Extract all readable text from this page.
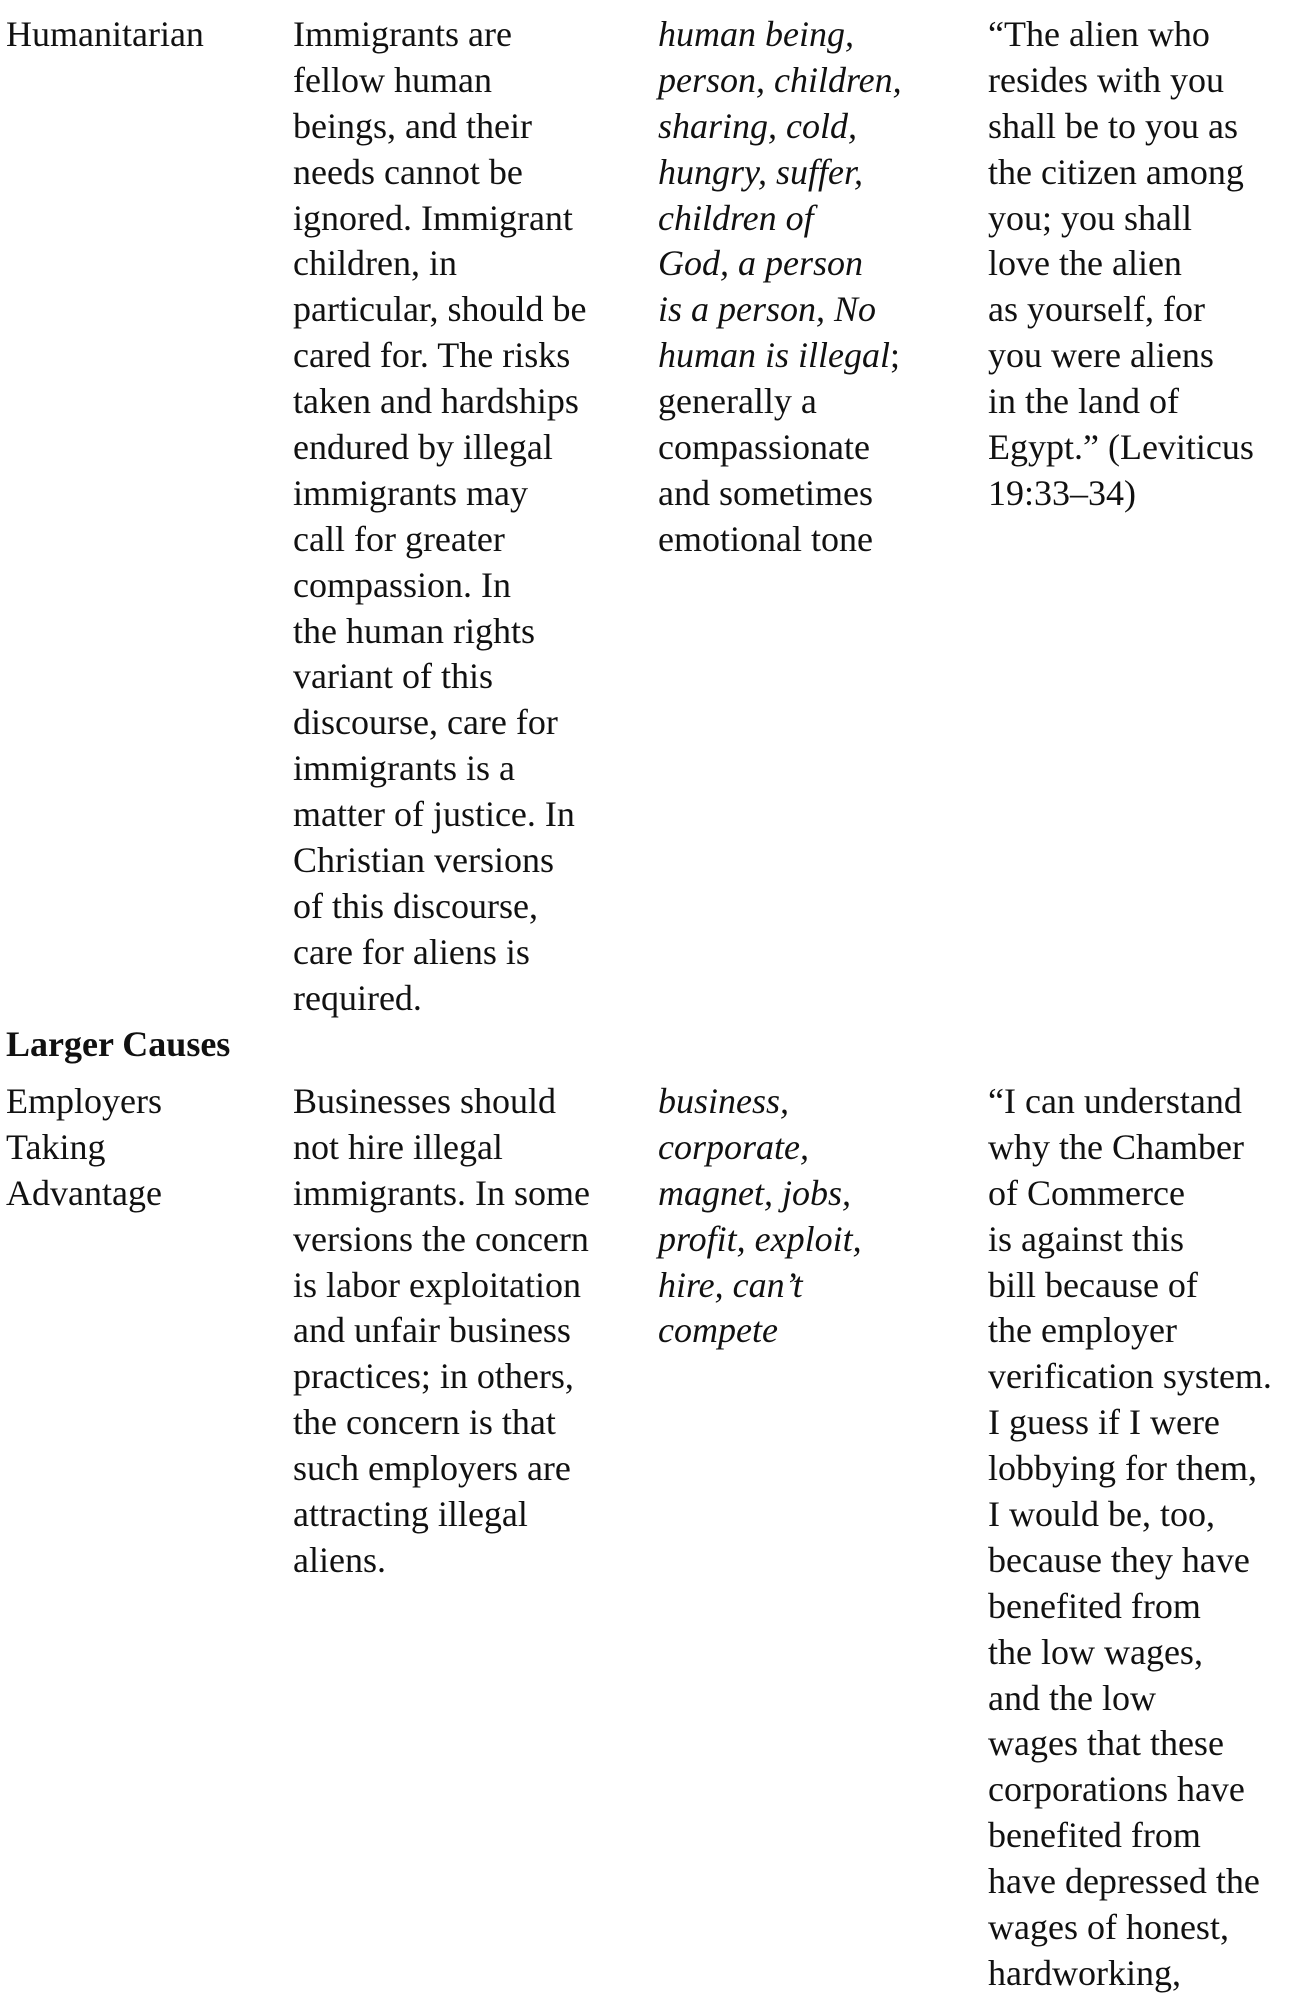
Humanitarian Immigrants are
fellow human
beings, and their
needs cannot be
ignored. Immigrant
children, in
particular, should be
cared for. The risks
taken and hardships
endured by illegal
immigrants may
call for greater
compassion. In
the human rights
variant of this
discourse, care for
immigrants is a
matter of justice. In
Christian versions
of this discourse,
care for aliens is
required.
human being,
person, children,
sharing, cold,
hungry, suffer,
children of
God, a person
is a person, No
human is illegal;
generally a
compassionate
and sometimes
emotional tone
“The alien who
resides with you
shall be to you as
the citizen among
you; you shall
love the alien
as yourself, for
you were aliens
in the land of
Egypt.” (Leviticus
19:33–34)
Larger Causes
Employers
Taking
Advantage
Businesses should
not hire illegal
immigrants. In some
versions the concern
is labor exploitation
and unfair business
practices; in others,
the concern is that
such employers are
attracting illegal
aliens.
business,
corporate,
magnet, jobs,
profit, exploit,
hire, can’t
compete
“I can understand
why the Chamber
of Commerce
is against this
bill because of
the employer
verification system.
I guess if I were
lobbying for them,
I would be, too,
because they have
benefited from
the low wages,
and the low
wages that these
corporations have
benefited from
have depressed the
wages of honest,
hardworking,
